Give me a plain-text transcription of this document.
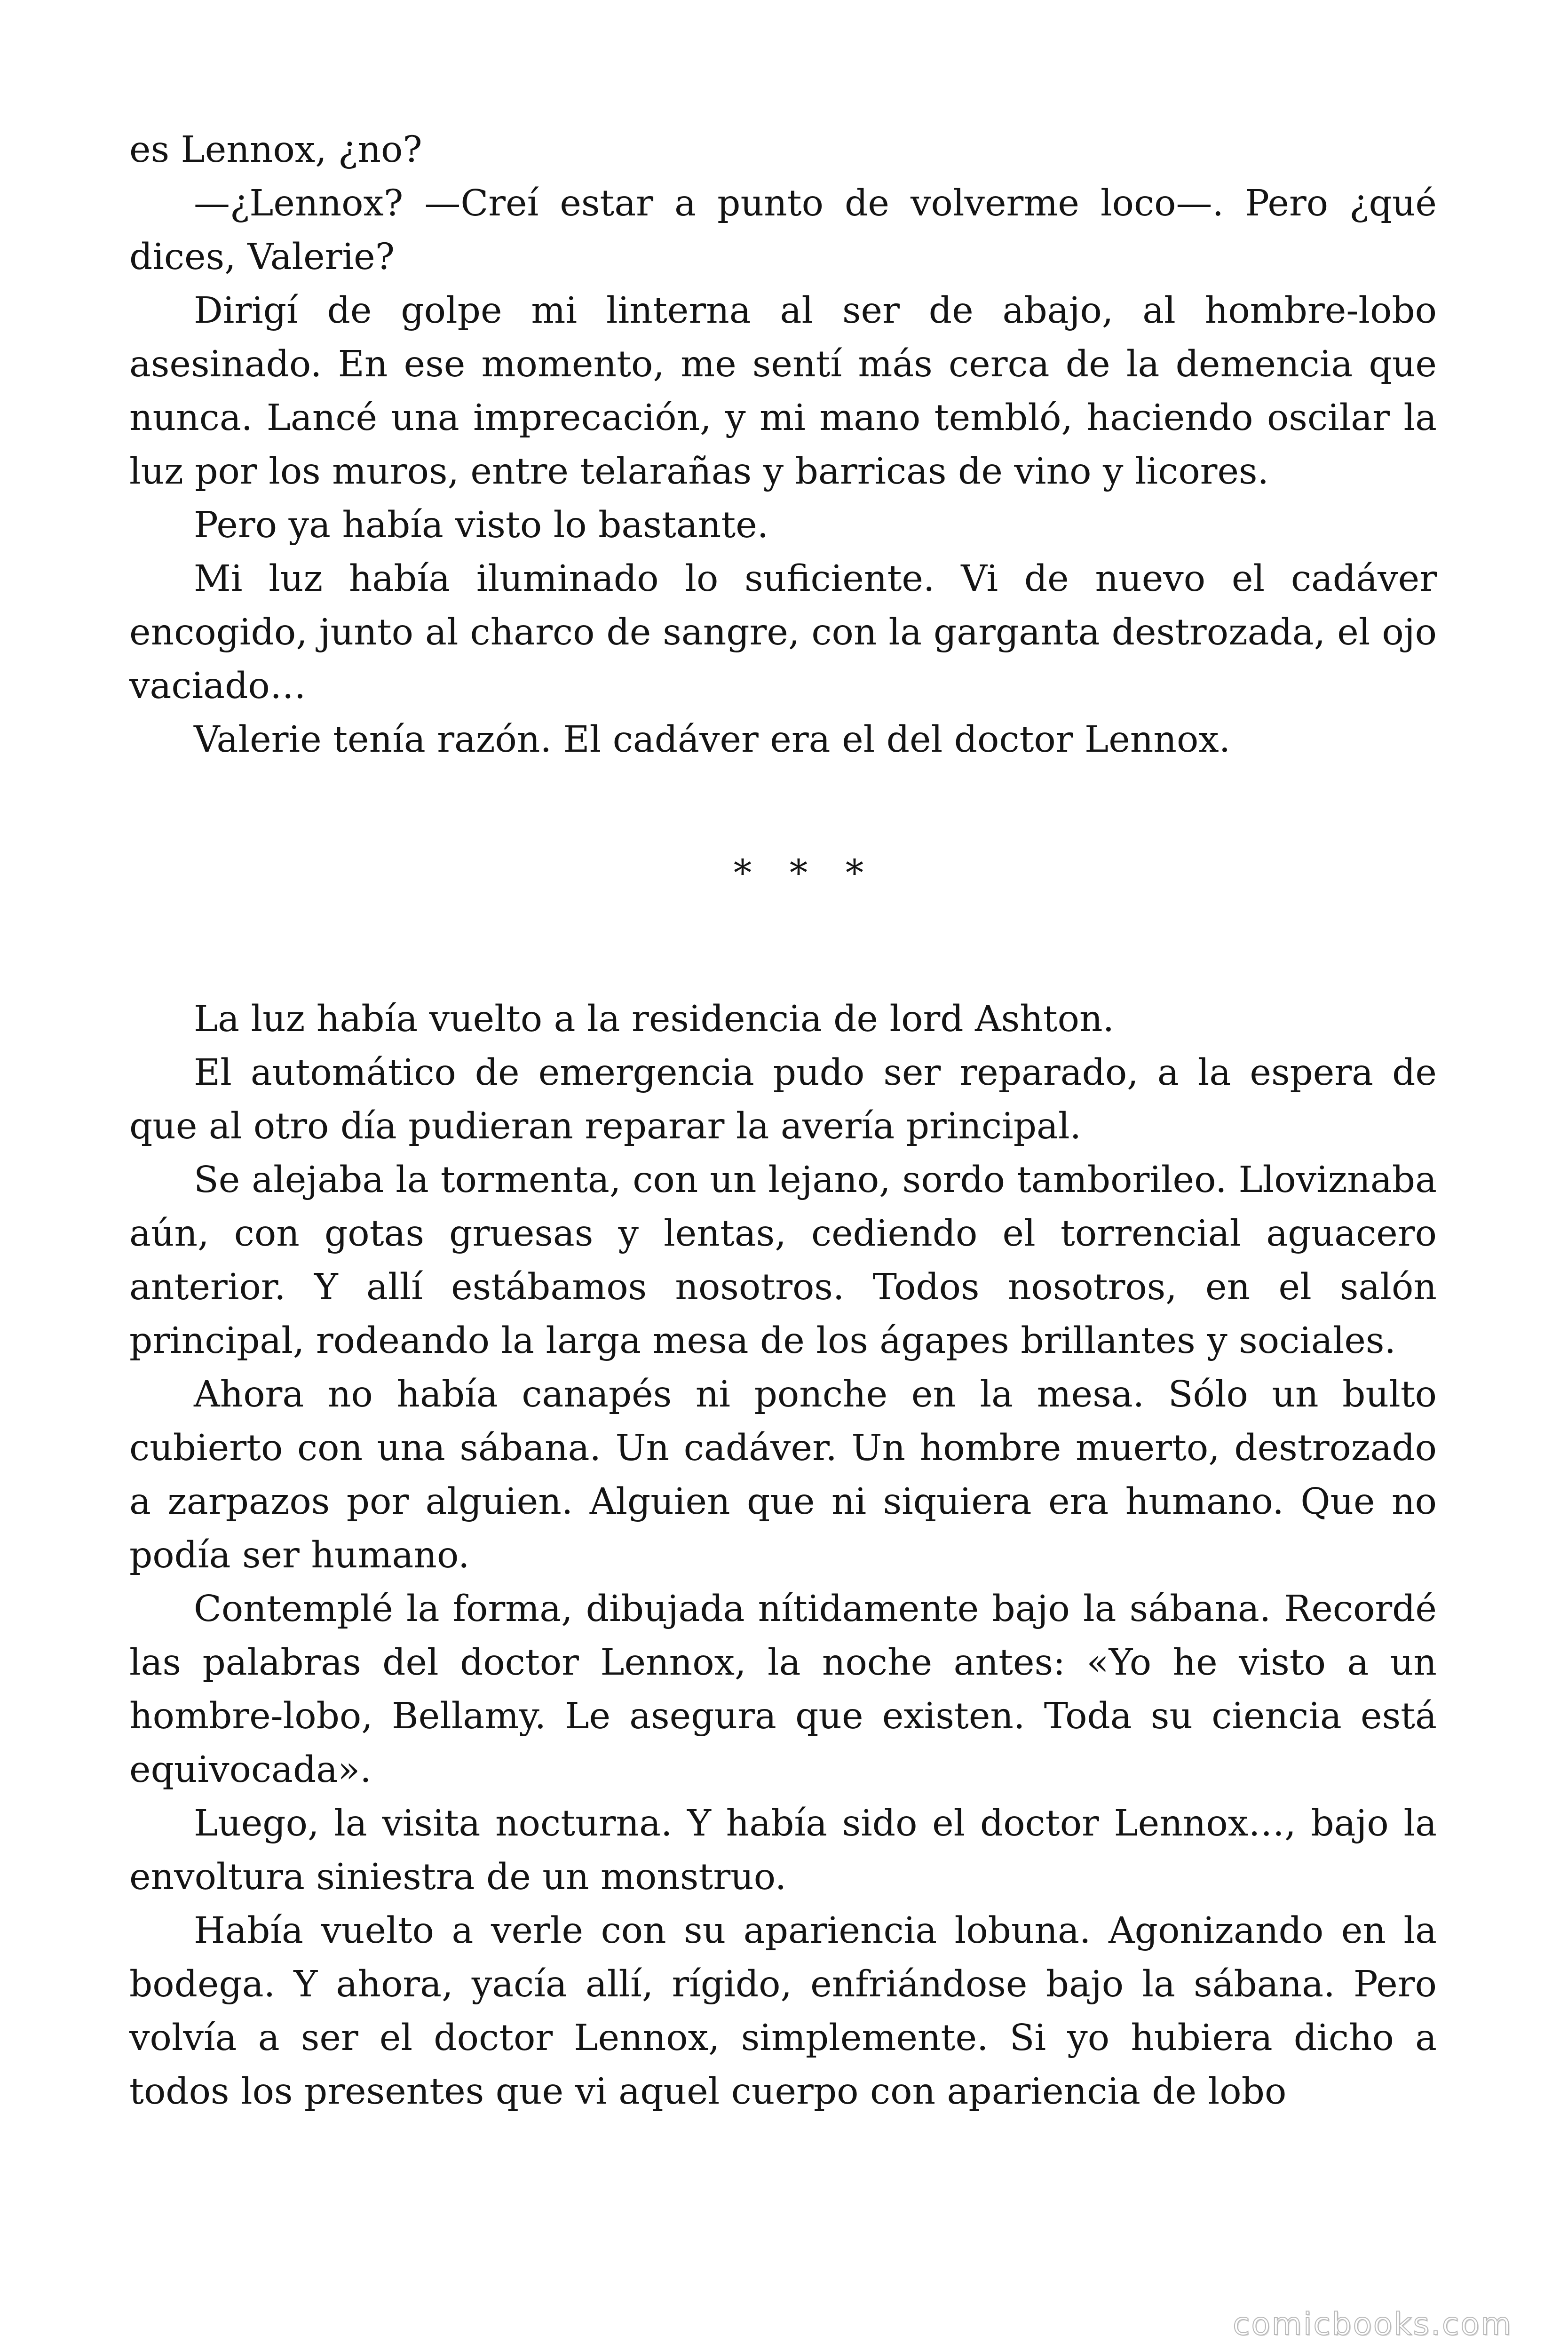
es Lennox, ¿no?

—¿Lennox? —Creí estar a punto de volverme loco—. Pero ¿qué dices, Valerie?

Dirigí de golpe mi linterna al ser de abajo, al hombre-lobo asesinado. En ese momento, me sentí más cerca de la demencia que nunca. Lancé una imprecación, y mi mano tembló, haciendo oscilar la luz por los muros, entre telarañas y barricas de vino y licores.

Pero ya había visto lo bastante.

Mi luz había iluminado lo suficiente. Vi de nuevo el cadáver encogido, junto al charco de sangre, con la garganta destrozada, el ojo vaciado…

Valerie tenía razón. El cadáver era el del doctor Lennox.

* * *

La luz había vuelto a la residencia de lord Ashton.

El automático de emergencia pudo ser reparado, a la espera de que al otro día pudieran reparar la avería principal.

Se alejaba la tormenta, con un lejano, sordo tamborileo. Lloviznaba aún, con gotas gruesas y lentas, cediendo el torrencial aguacero anterior. Y allí estábamos nosotros. Todos nosotros, en el salón principal, rodeando la larga mesa de los ágapes brillantes y sociales.

Ahora no había canapés ni ponche en la mesa. Sólo un bulto cubierto con una sábana. Un cadáver. Un hombre muerto, destrozado a zarpazos por alguien. Alguien que ni siquiera era humano. Que no podía ser humano.

Contemplé la forma, dibujada nítidamente bajo la sábana. Recordé las palabras del doctor Lennox, la noche antes: «Yo he visto a un hombre-lobo, Bellamy. Le asegura que existen. Toda su ciencia está equivocada».

Luego, la visita nocturna. Y había sido el doctor Lennox…, bajo la envoltura siniestra de un monstruo.

Había vuelto a verle con su apariencia lobuna. Agonizando en la bodega. Y ahora, yacía allí, rígido, enfriándose bajo la sábana. Pero volvía a ser el doctor Lennox, simplemente. Si yo hubiera dicho a todos los presentes que vi aquel cuerpo con apariencia de lobo

comicbooks.com
